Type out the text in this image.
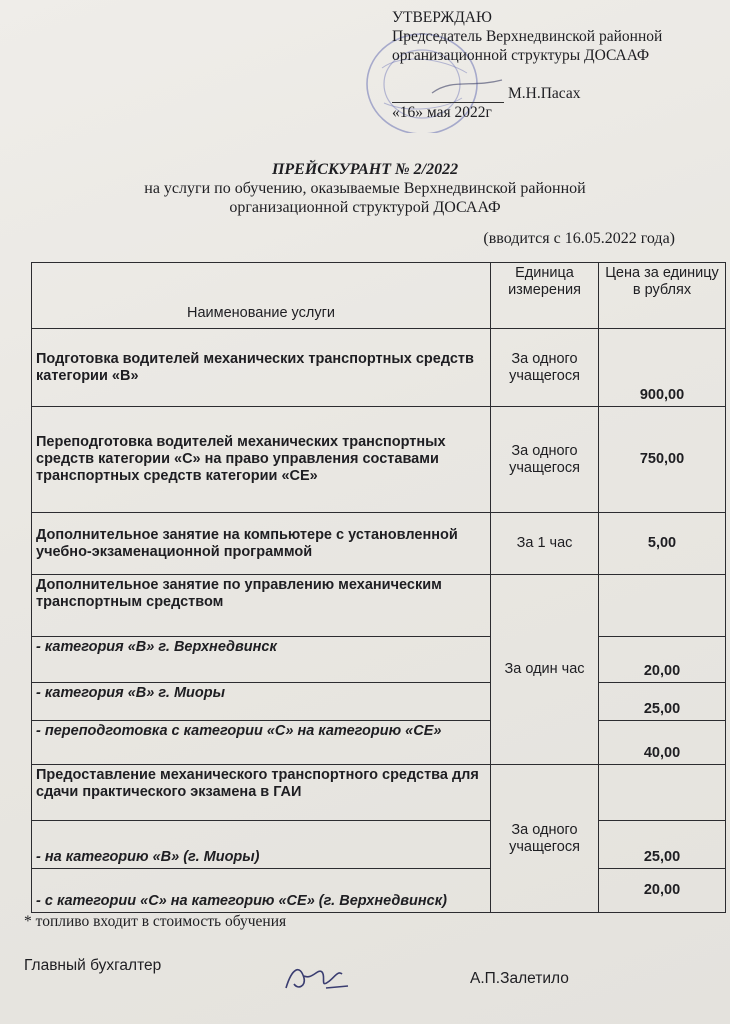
УТВЕРЖДАЮ
Председатель Верхнедвинской районной
организационной структуры ДОСААФ
М.Н.Пасах
«16» мая 2022г
ПРЕЙСКУРАНТ № 2/2022
на услуги по обучению, оказываемые Верхнедвинской районной
организационной структурой ДОСААФ
(вводится с 16.05.2022 года)
Наименование услуги	Единица измерения	Цена за единицу в рублях
Подготовка водителей механических транспортных средств категории «В»	За одного учащегося	900,00
Переподготовка водителей механических транспортных средств категории «С» на право управления составами транспортных средств категории «СЕ»	За одного учащегося	750,00
Дополнительное занятие на компьютере с установленной учебно-экзаменационной программой	За 1 час	5,00
Дополнительное занятие по управлению механическим транспортным средством	За один час	
- категория «В» г. Верхнедвинск		20,00
- категория «В» г. Миоры		25,00
- переподготовка с категории «С» на категорию «СЕ»		40,00
Предоставление механического транспортного средства для сдачи практического экзамена в ГАИ	За одного учащегося	
- на категорию «В» (г. Миоры)		25,00
- с категории «С» на категорию «СЕ» (г. Верхнедвинск)		20,00
* топливо входит в стоимость обучения
Главный бухгалтер
А.П.Залетило
